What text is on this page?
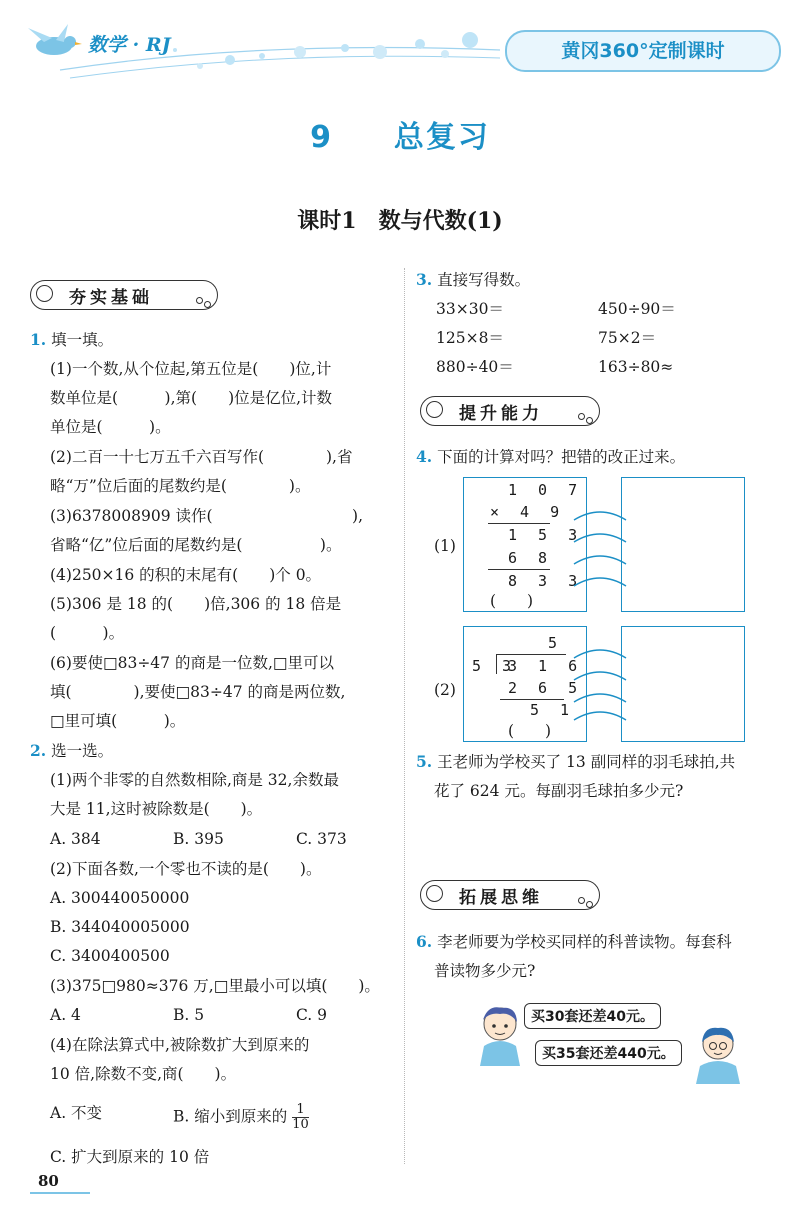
数学 · RJ	黄冈360°定制课时
9 总复习
课时1　数与代数(1)
夯实基础
1. 填一填。
(1)一个数,从个位起,第五位是(　　)位,计
数单位是(　　　),第(　　)位是亿位,计数
单位是(　　　)。
(2)二百一十七万五千六百写作(　　　　),省
略“万”位后面的尾数约是(　　　　)。
(3)6378008909 读作(　　　　　　　　　),
省略“亿”位后面的尾数约是(　　　　　)。
(4)250×16 的积的末尾有(　　)个 0。
(5)306 是 18 的(　　)倍,306 的 18 倍是
(　　　)。
(6)要使□83÷47 的商是一位数,□里可以
填(　　　　),要使□83÷47 的商是两位数,
□里可填(　　　)。
2. 选一选。
(1)两个非零的自然数相除,商是 32,余数最
大是 11,这时被除数是(　　)。
A. 384	B. 395	C. 373
(2)下面各数,一个零也不读的是(　　)。
A. 300440050000
B. 344040005000
C. 3400400500
(3)375□980≈376 万,□里最小可以填(　　)。
A. 4	B. 5	C. 9
(4)在除法算式中,被除数扩大到原来的
10 倍,除数不变,商(　　)。
A. 不变	B. 缩小到原来的 $\frac{1}{10}$
C. 扩大到原来的 10 倍
80
3. 直接写得数。
33×30＝	450÷90＝
125×8＝	75×2＝
880÷40＝	163÷80≈
提升能力
4. 下面的计算对吗？把错的改正过来。
(1)
1 0 7
× 4 9
1 5 3
6 8
8 3 3
(　　)
(2)
5
5 3
3 1 6
2 6 5
5 1
(　　)
5. 王老师为学校买了 13 副同样的羽毛球拍,共
花了 624 元。每副羽毛球拍多少元?
拓展思维
6. 李老师要为学校买同样的科普读物。每套科
普读物多少元?
买30套还差40元。
买35套还差440元。
